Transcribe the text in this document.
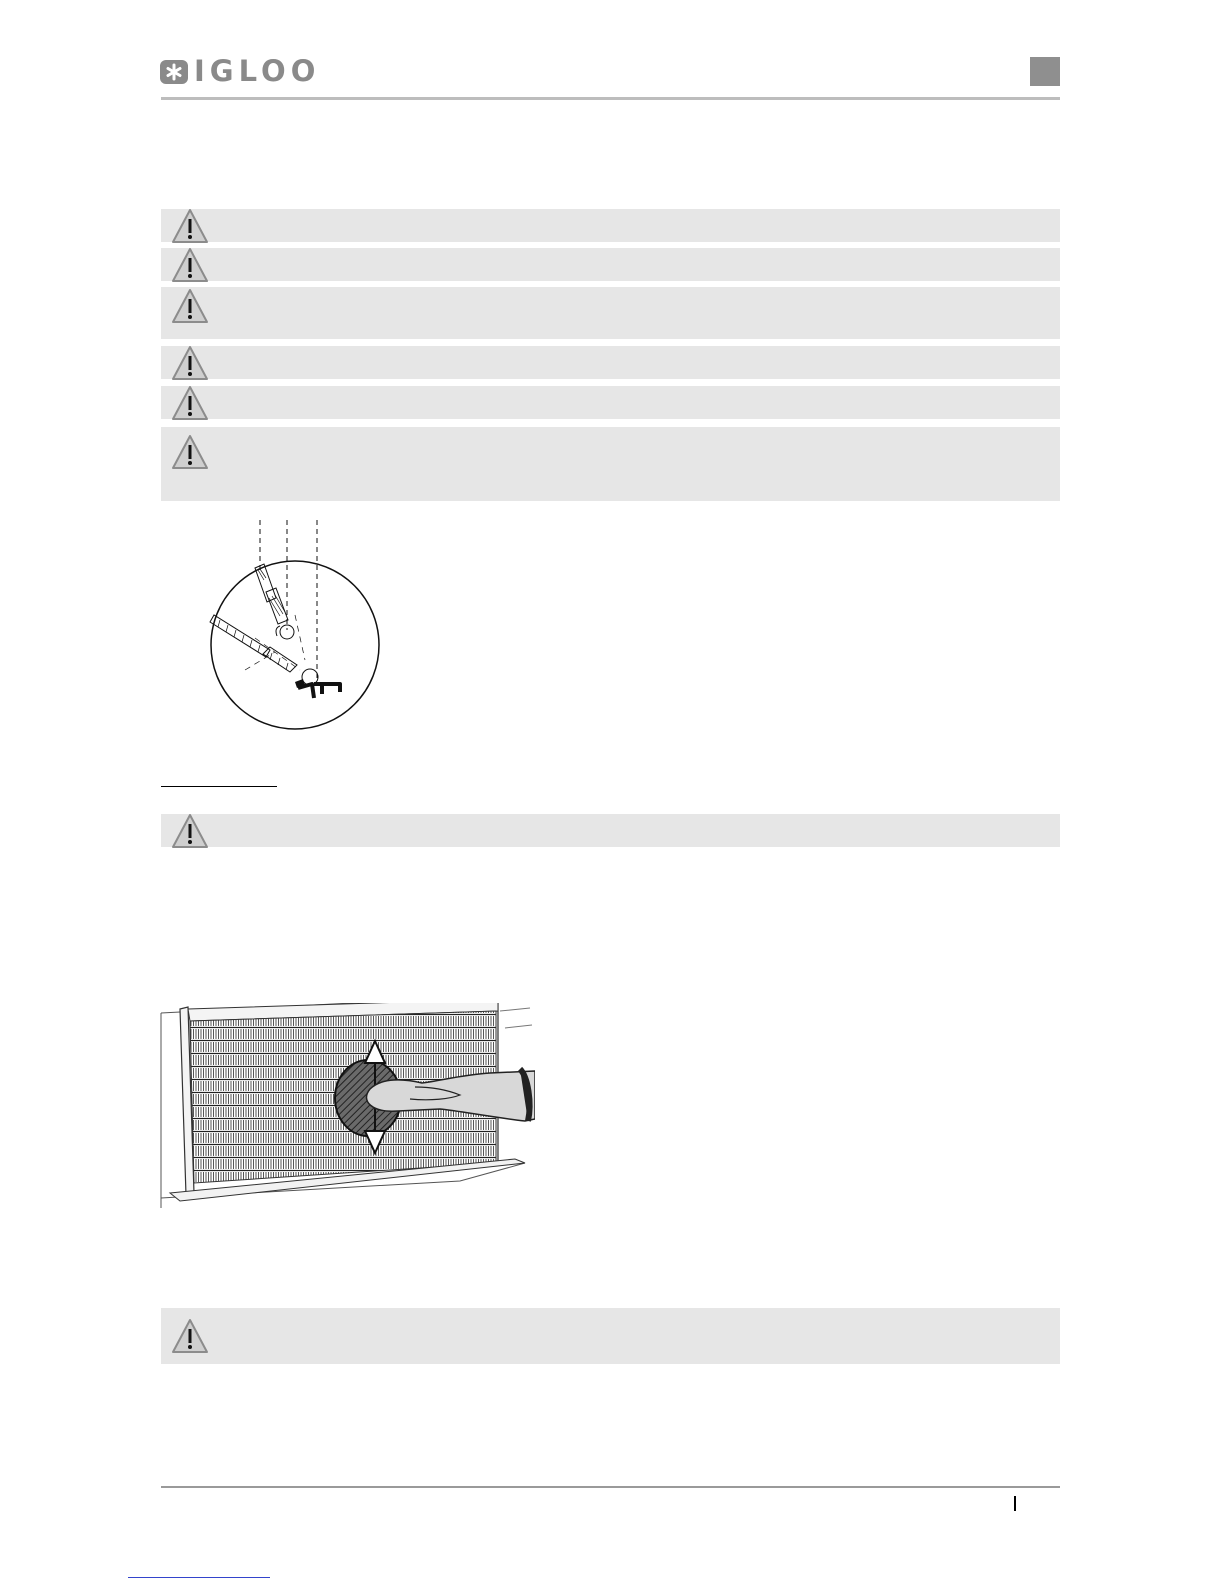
IGLOO
